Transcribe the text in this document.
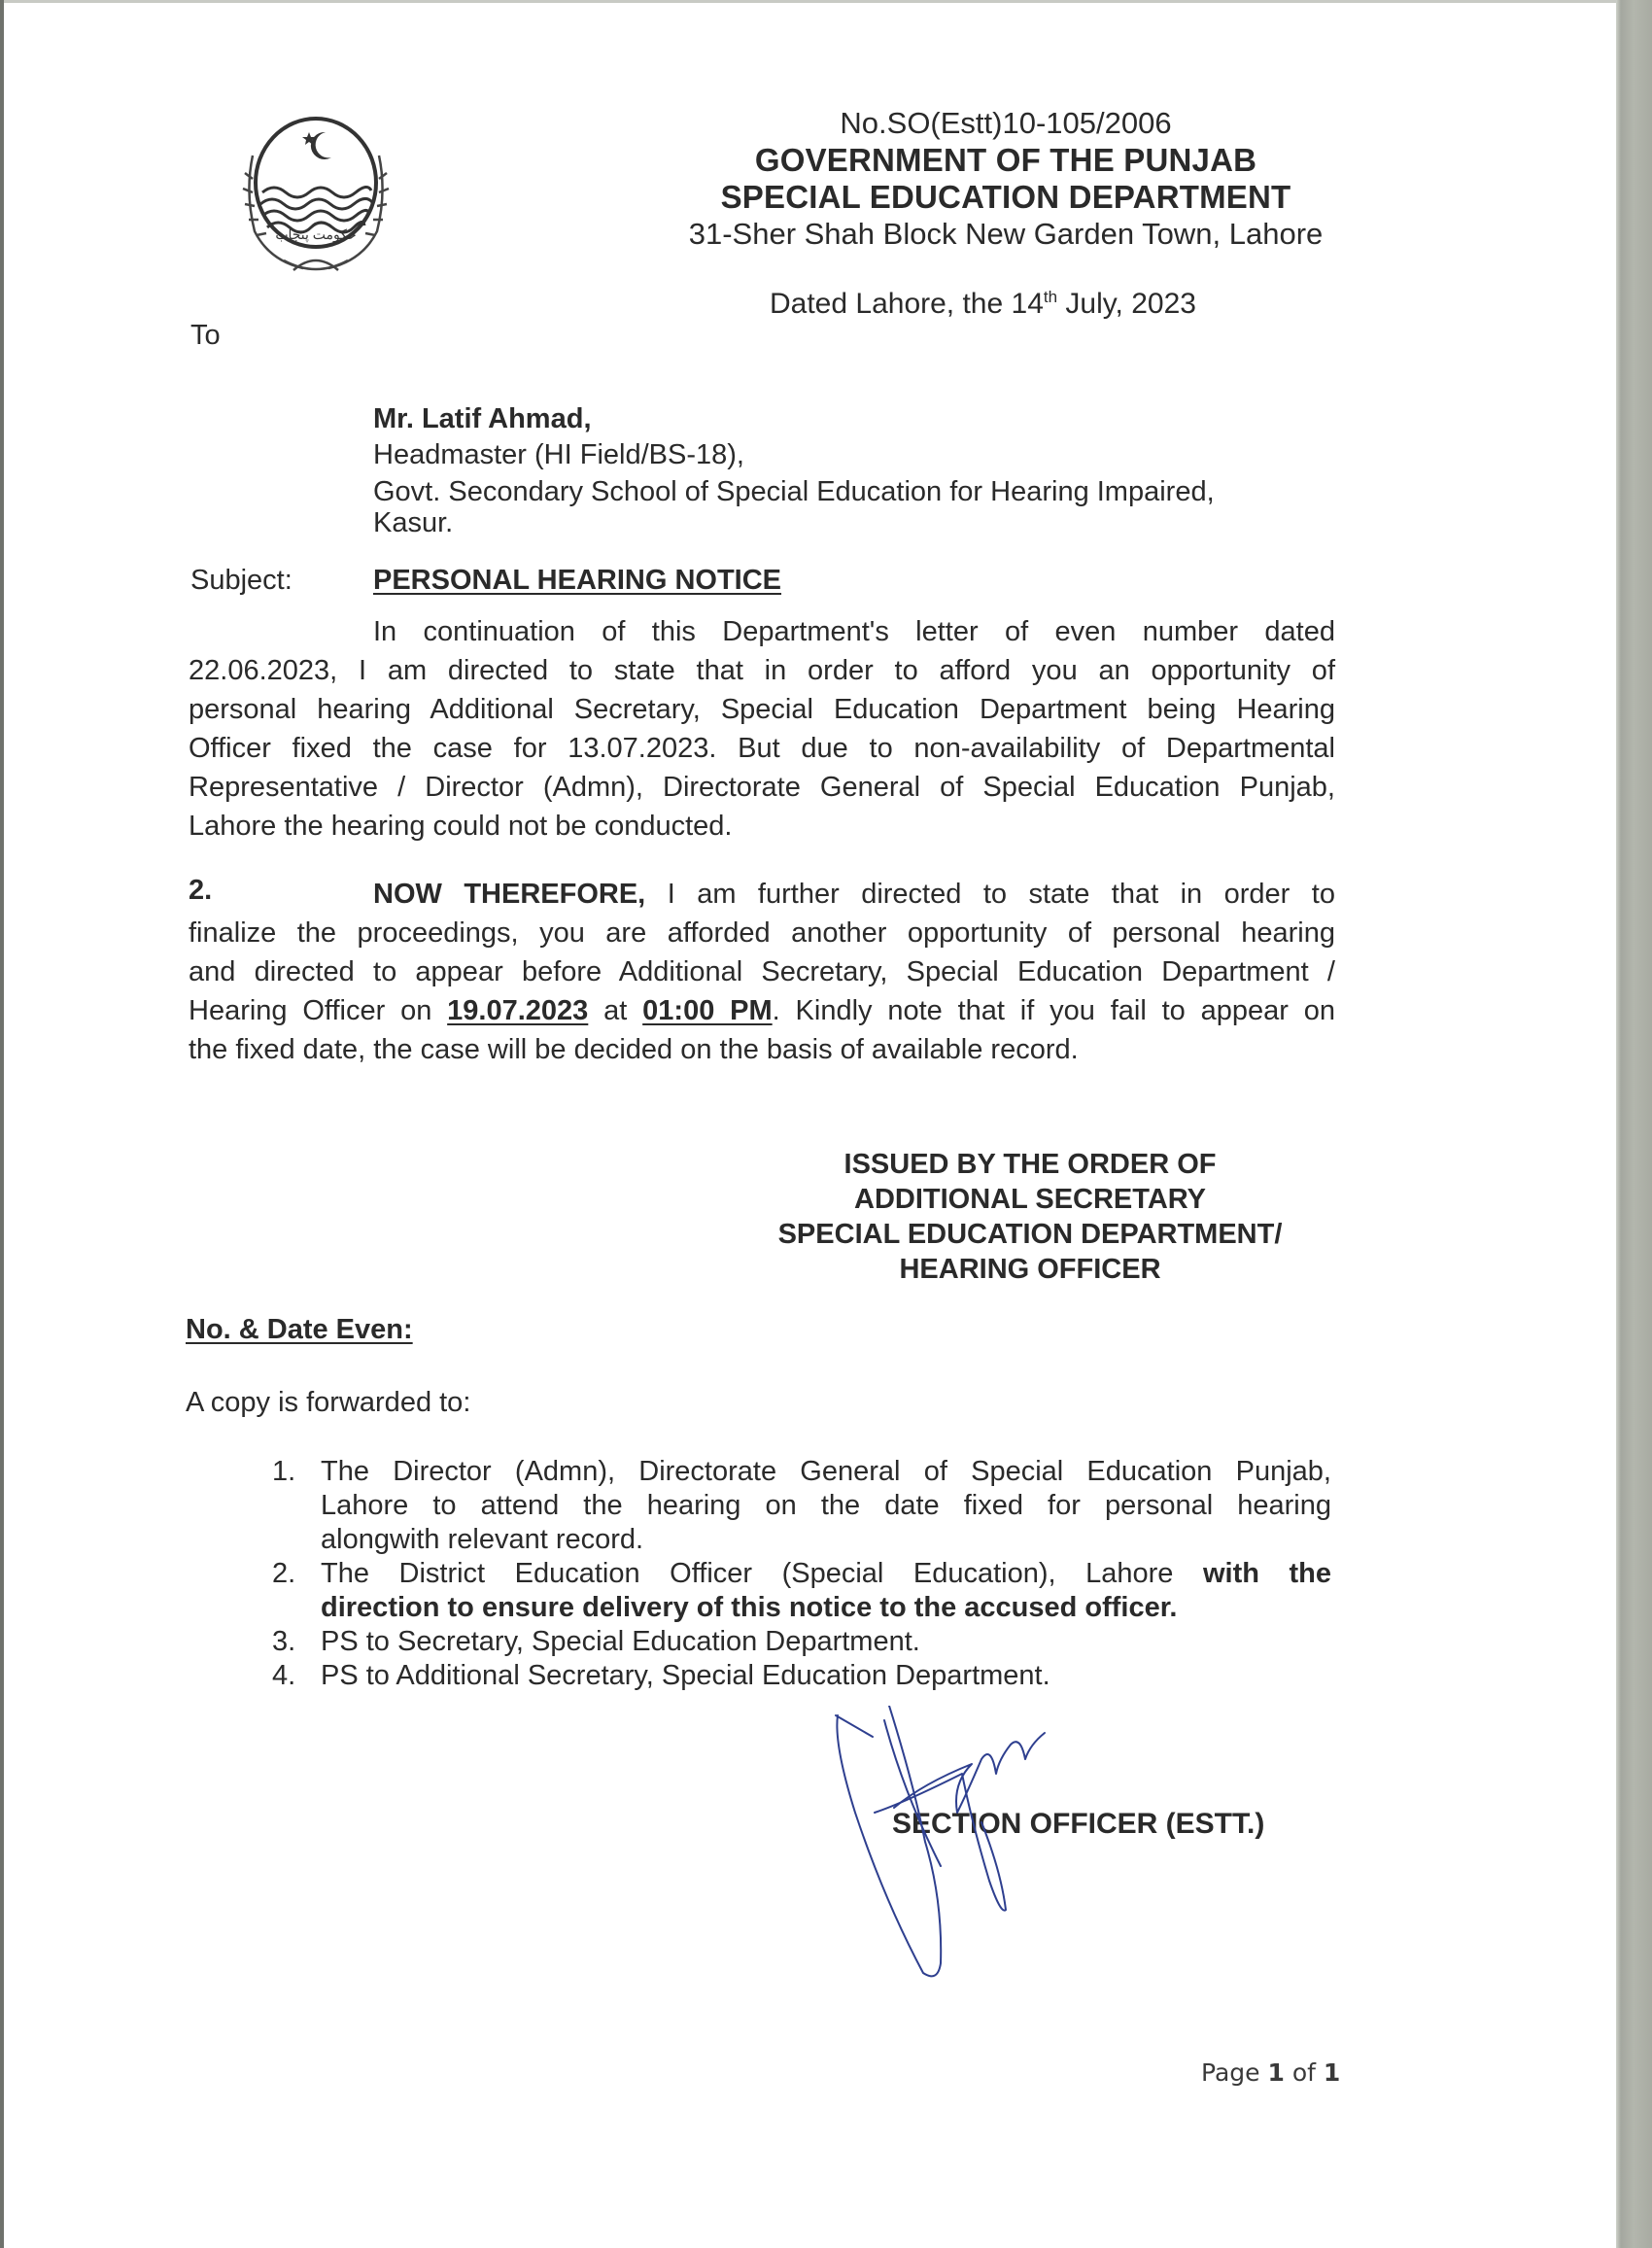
حکومت پنجاب
No.SO(Estt)10-105/2006
GOVERNMENT OF THE PUNJAB
SPECIAL EDUCATION DEPARTMENT
31-Sher Shah Block New Garden Town, Lahore
Dated Lahore, the 14th July, 2023
To
Mr. Latif Ahmad,
Headmaster (HI Field/BS-18),
Govt. Secondary School of Special Education for Hearing Impaired,
Kasur.
Subject:	PERSONAL HEARING NOTICE
In continuation of this Department's letter of even number dated
22.06.2023, I am directed to state that in order to afford you an opportunity of
personal hearing Additional Secretary, Special Education Department being Hearing
Officer fixed the case for 13.07.2023. But due to non-availability of Departmental
Representative / Director (Admn), Directorate General of Special Education Punjab,
Lahore the hearing could not be conducted.
2.	NOW THEREFORE, I am further directed to state that in order to
finalize the proceedings, you are afforded another opportunity of personal hearing
and directed to appear before Additional Secretary, Special Education Department /
Hearing Officer on 19.07.2023 at 01:00 PM. Kindly note that if you fail to appear on
the fixed date, the case will be decided on the basis of available record.
ISSUED BY THE ORDER OF
ADDITIONAL SECRETARY
SPECIAL EDUCATION DEPARTMENT/
HEARING OFFICER
No. & Date Even:
A copy is forwarded to:
1. The Director (Admn), Directorate General of Special Education Punjab,
Lahore to attend the hearing on the date fixed for personal hearing
alongwith relevant record.
2. The District Education Officer (Special Education), Lahore with the
direction to ensure delivery of this notice to the accused officer.
3. PS to Secretary, Special Education Department.
4. PS to Additional Secretary, Special Education Department.
SECTION OFFICER (ESTT.)
Page 1 of 1
